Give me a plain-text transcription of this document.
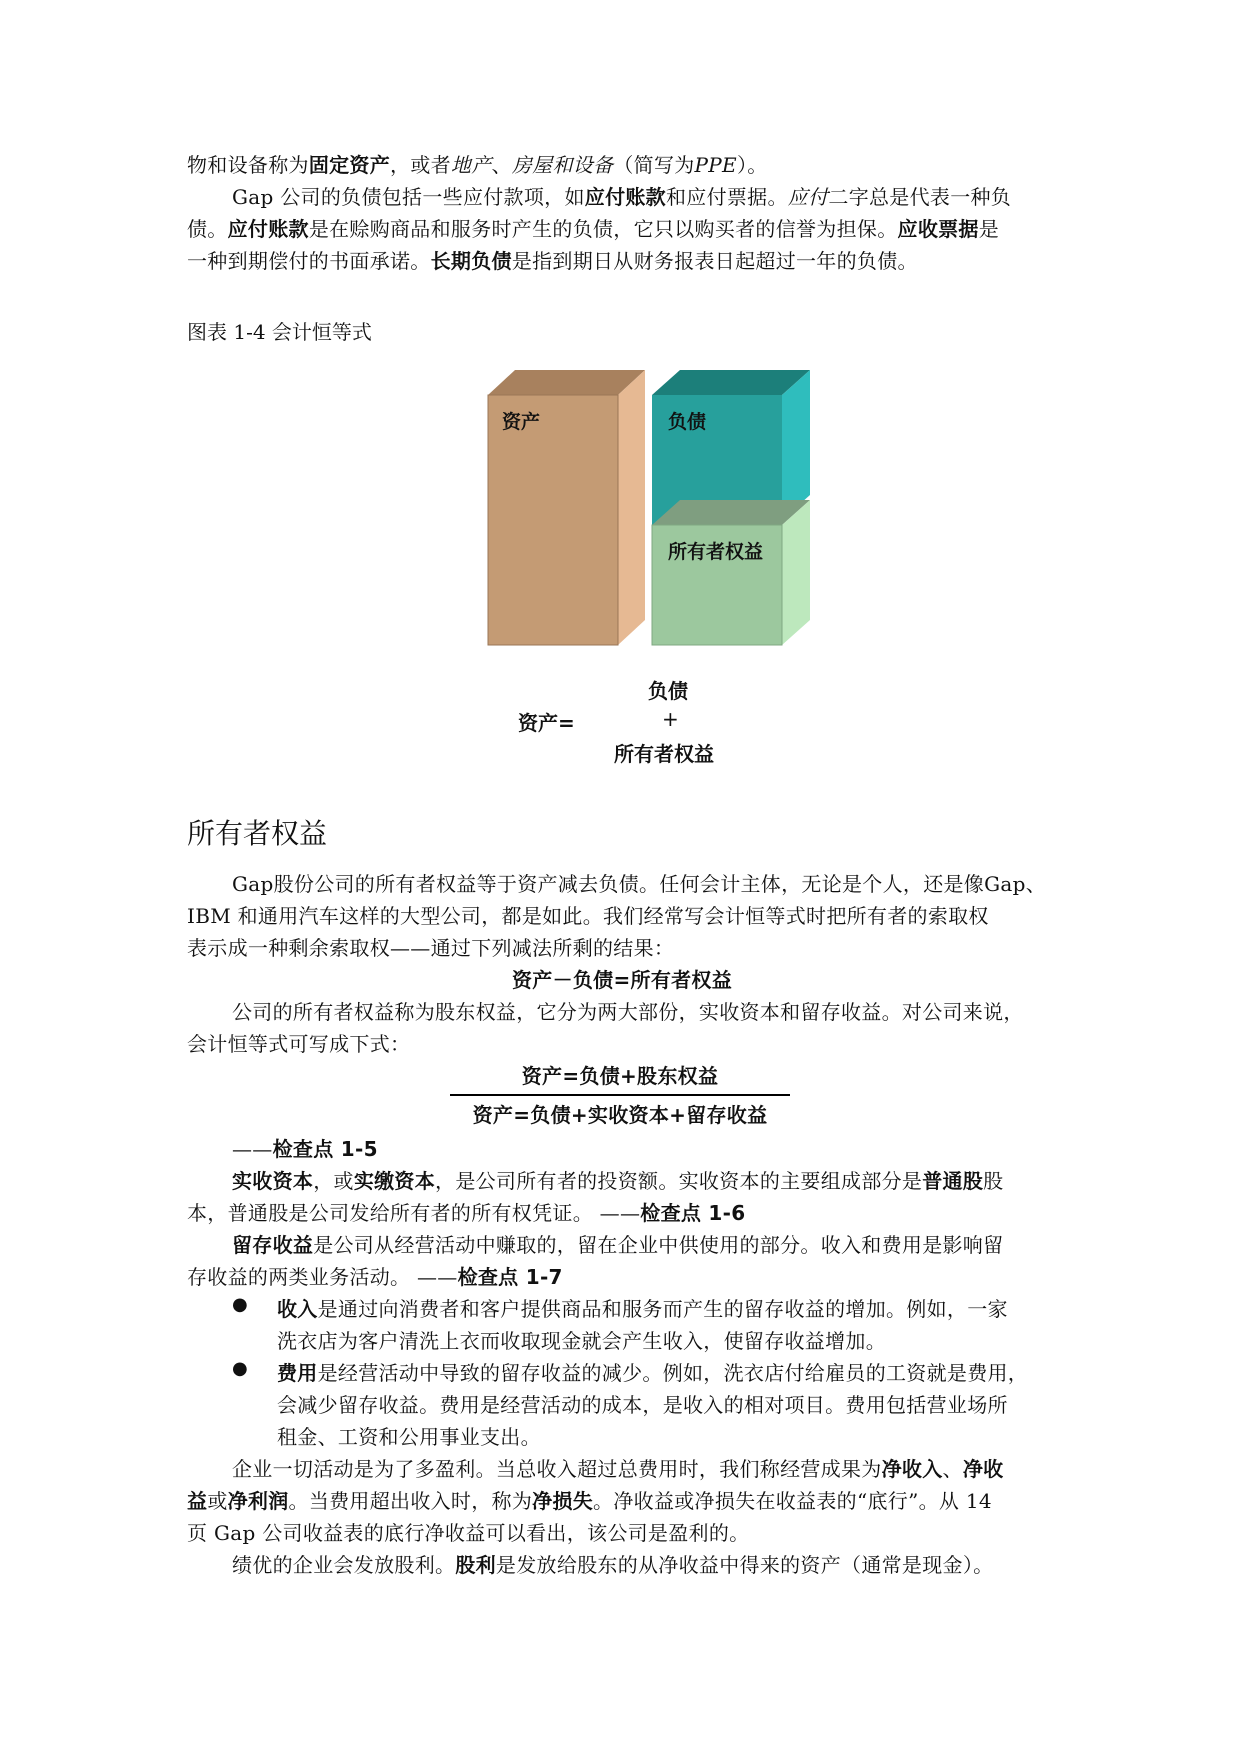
物和设备称为固定资产，或者地产、房屋和设备（简写为PPE）。
Gap 公司的负债包括一些应付款项，如应付账款和应付票据。应付二字总是代表一种负
债。应付账款是在赊购商品和服务时产生的负债，它只以购买者的信誉为担保。应收票据是
一种到期偿付的书面承诺。长期负债是指到期日从财务报表日起超过一年的负债。
图表 1-4 会计恒等式
资产	负债
所有者权益
负债
资产=	+
所有者权益
所有者权益
Gap股份公司的所有者权益等于资产减去负债。任何会计主体，无论是个人，还是像Gap、
IBM 和通用汽车这样的大型公司，都是如此。我们经常写会计恒等式时把所有者的索取权
表示成一种剩余索取权——通过下列减法所剩的结果：
资产－负债=所有者权益
公司的所有者权益称为股东权益，它分为两大部份，实收资本和留存收益。对公司来说，
会计恒等式可写成下式：
资产=负债+股东权益
资产=负债+实收资本+留存收益
——检查点 1-5
实收资本，或实缴资本，是公司所有者的投资额。实收资本的主要组成部分是普通股股
本，普通股是公司发给所有者的所有权凭证。 ——检查点 1-6
留存收益是公司从经营活动中赚取的，留在企业中供使用的部分。收入和费用是影响留
存收益的两类业务活动。 ——检查点 1-7
● 收入是通过向消费者和客户提供商品和服务而产生的留存收益的增加。例如，一家
洗衣店为客户清洗上衣而收取现金就会产生收入，使留存收益增加。
● 费用是经营活动中导致的留存收益的减少。例如，洗衣店付给雇员的工资就是费用，
会减少留存收益。费用是经营活动的成本，是收入的相对项目。费用包括营业场所
租金、工资和公用事业支出。
企业一切活动是为了多盈利。当总收入超过总费用时，我们称经营成果为净收入、净收
益或净利润。当费用超出收入时，称为净损失。净收益或净损失在收益表的“底行”。从 14
页 Gap 公司收益表的底行净收益可以看出，该公司是盈利的。
绩优的企业会发放股利。股利是发放给股东的从净收益中得来的资产（通常是现金）。
